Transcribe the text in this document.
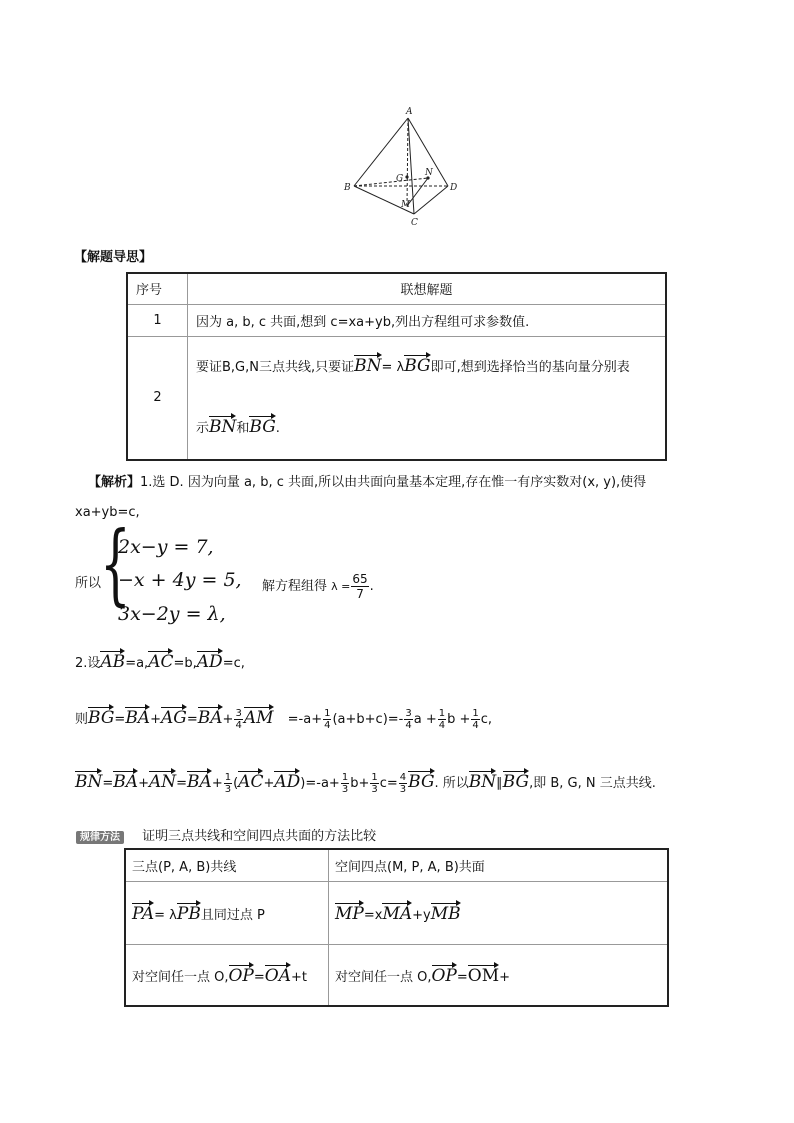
A
B
C
D
G
M
N
【解题导思】
序号	联想解题
1	因为 a, b, c 共面,想到 c=xa+yb,列出方程组可求参数值.
2	要证B,G,N三点共线,只要证BN= λBG即可,想到选择恰当的基向量分别表
示BN和BG.
【解析】1.选 D. 因为向量 a, b, c 共面,所以由共面向量基本定理,存在惟一有序实数对(x, y),使得
xa+yb=c,
所以
{
2x−y = 7,
−x + 4y = 5,
3x−2y = λ,
解方程组得 $\lambda = \frac{65}{7}$ .
2.设AB=a,AC=b,AD=c,
则$BG=BA+AG=BA+ \frac{3}{4}$ AM $=-a+ \frac{1}{4} (a+b+c)=- \frac{3}{4}$ $a + \frac{1}{4}$ $b + \frac{1}{4} c$,
$BN=BA+AN=BA+ \frac{1}{3} (AC+AD)=-a+ \frac{1}{3} b+ \frac{1}{3} c= \frac{4}{3}$ BG. 所以BN∥BG,即 B, G, N 三点共线.
规律方法 证明三点共线和空间四点共面的方法比较
三点(P, A, B)共线	空间四点(M, P, A, B)共面
PA= λPB且同过点 P	MP=xMA+yMB
对空间任一点 O,OP=OA+t	对空间任一点 O,OP=OM+
